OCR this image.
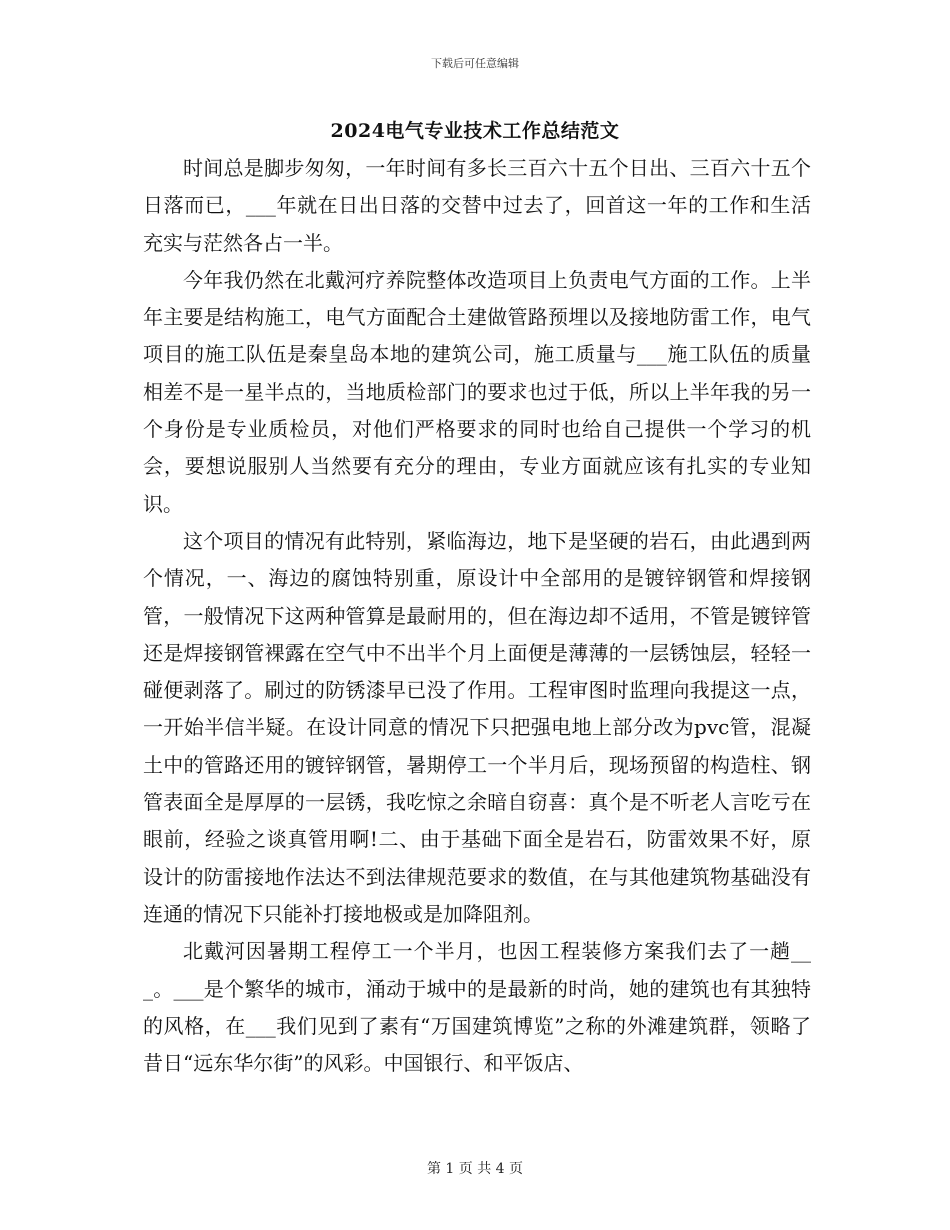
下载后可任意编辑
2024电气专业技术工作总结范文

时间总是脚步匆匆，一年时间有多长三百六十五个日出、三百六十五个日落而已，___年就在日出日落的交替中过去了，回首这一年的工作和生活充实与茫然各占一半。

今年我仍然在北戴河疗养院整体改造项目上负责电气方面的工作。上半年主要是结构施工，电气方面配合土建做管路预埋以及接地防雷工作，电气项目的施工队伍是秦皇岛本地的建筑公司，施工质量与___施工队伍的质量相差不是一星半点的，当地质检部门的要求也过于低，所以上半年我的另一个身份是专业质检员，对他们严格要求的同时也给自己提供一个学习的机会，要想说服别人当然要有充分的理由，专业方面就应该有扎实的专业知识。

这个项目的情况有此特别，紧临海边，地下是坚硬的岩石，由此遇到两个情况，一、海边的腐蚀特别重，原设计中全部用的是镀锌钢管和焊接钢管，一般情况下这两种管算是最耐用的，但在海边却不适用，不管是镀锌管还是焊接钢管裸露在空气中不出半个月上面便是薄薄的一层锈蚀层，轻轻一碰便剥落了。刷过的防锈漆早已没了作用。工程审图时监理向我提这一点，一开始半信半疑。在设计同意的情况下只把强电地上部分改为pvc管，混凝土中的管路还用的镀锌钢管，暑期停工一个半月后，现场预留的构造柱、钢管表面全是厚厚的一层锈，我吃惊之余暗自窃喜：真个是不听老人言吃亏在眼前，经验之谈真管用啊!二、由于基础下面全是岩石，防雷效果不好，原设计的防雷接地作法达不到法律规范要求的数值，在与其他建筑物基础没有连通的情况下只能补打接地极或是加降阻剂。

北戴河因暑期工程停工一个半月，也因工程装修方案我们去了一趟___。___是个繁华的城市，涌动于城中的是最新的时尚，她的建筑也有其独特的风格，在___我们见到了素有“万国建筑博览”之称的外滩建筑群，领略了昔日“远东华尔街”的风彩。中国银行、和平饭店、

第 1 页 共 4 页
